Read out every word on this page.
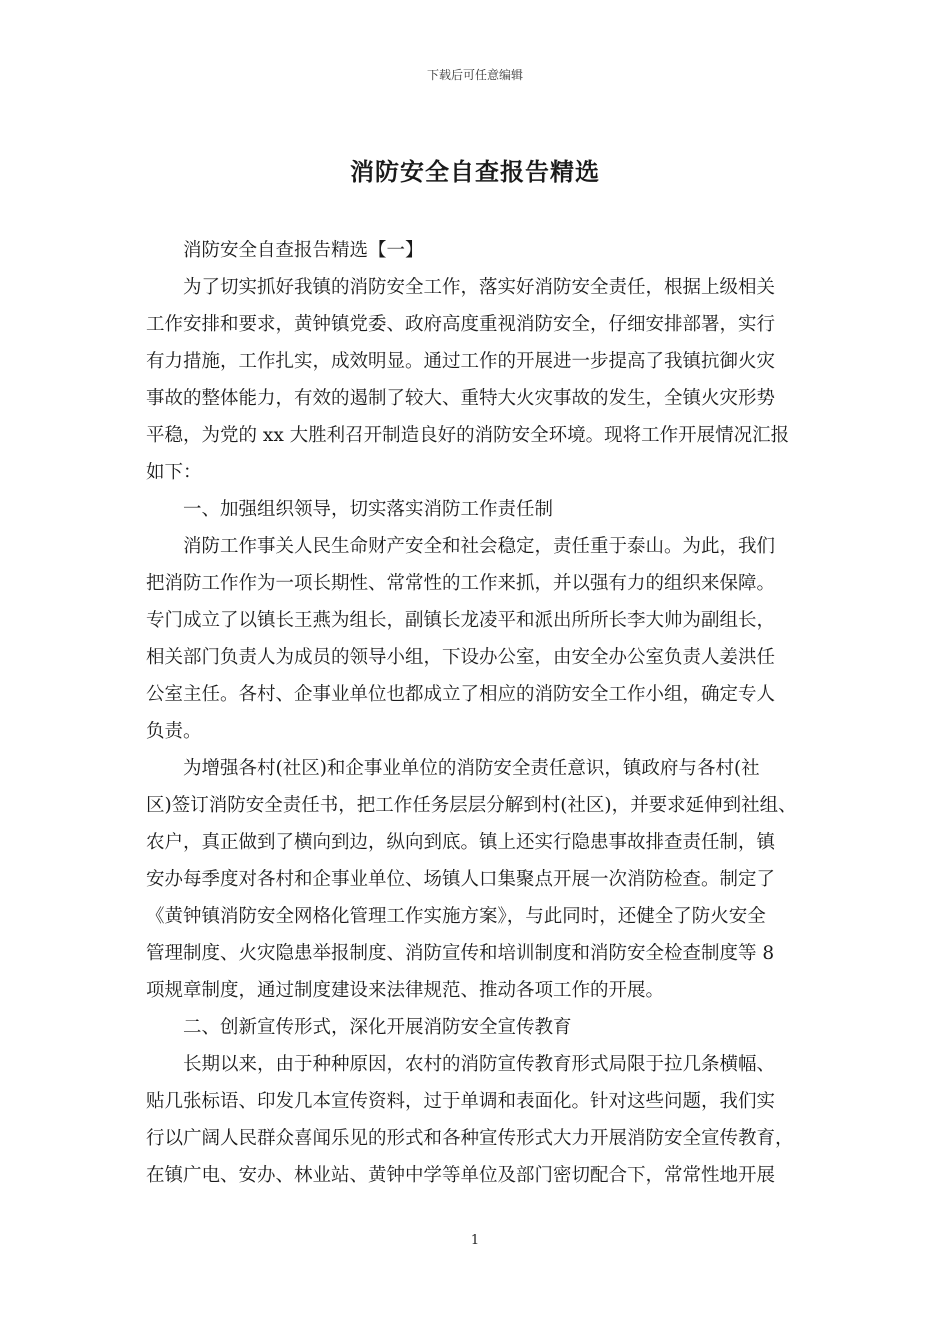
下载后可任意编辑
消防安全自查报告精选
消防安全自查报告精选【一】
为了切实抓好我镇的消防安全工作，落实好消防安全责任，根据上级相关
工作安排和要求，黄钟镇党委、政府高度重视消防安全，仔细安排部署，实行
有力措施，工作扎实，成效明显。通过工作的开展进一步提高了我镇抗御火灾
事故的整体能力，有效的遏制了较大、重特大火灾事故的发生，全镇火灾形势
平稳，为党的 xx 大胜利召开制造良好的消防安全环境。现将工作开展情况汇报
如下：
一、加强组织领导，切实落实消防工作责任制
消防工作事关人民生命财产安全和社会稳定，责任重于泰山。为此，我们
把消防工作作为一项长期性、常常性的工作来抓，并以强有力的组织来保障。
专门成立了以镇长王燕为组长，副镇长龙凌平和派出所所长李大帅为副组长，
相关部门负责人为成员的领导小组，下设办公室，由安全办公室负责人姜洪任
公室主任。各村、企事业单位也都成立了相应的消防安全工作小组，确定专人
负责。
为增强各村(社区)和企事业单位的消防安全责任意识，镇政府与各村(社
区)签订消防安全责任书，把工作任务层层分解到村(社区)，并要求延伸到社组、
农户，真正做到了横向到边，纵向到底。镇上还实行隐患事故排查责任制，镇
安办每季度对各村和企事业单位、场镇人口集聚点开展一次消防检查。制定了
《黄钟镇消防安全网格化管理工作实施方案》，与此同时，还健全了防火安全
管理制度、火灾隐患举报制度、消防宣传和培训制度和消防安全检查制度等 8
项规章制度，通过制度建设来法律规范、推动各项工作的开展。
二、创新宣传形式，深化开展消防安全宣传教育
长期以来，由于种种原因，农村的消防宣传教育形式局限于拉几条横幅、
贴几张标语、印发几本宣传资料，过于单调和表面化。针对这些问题，我们实
行以广阔人民群众喜闻乐见的形式和各种宣传形式大力开展消防安全宣传教育，
在镇广电、安办、林业站、黄钟中学等单位及部门密切配合下，常常性地开展
1
